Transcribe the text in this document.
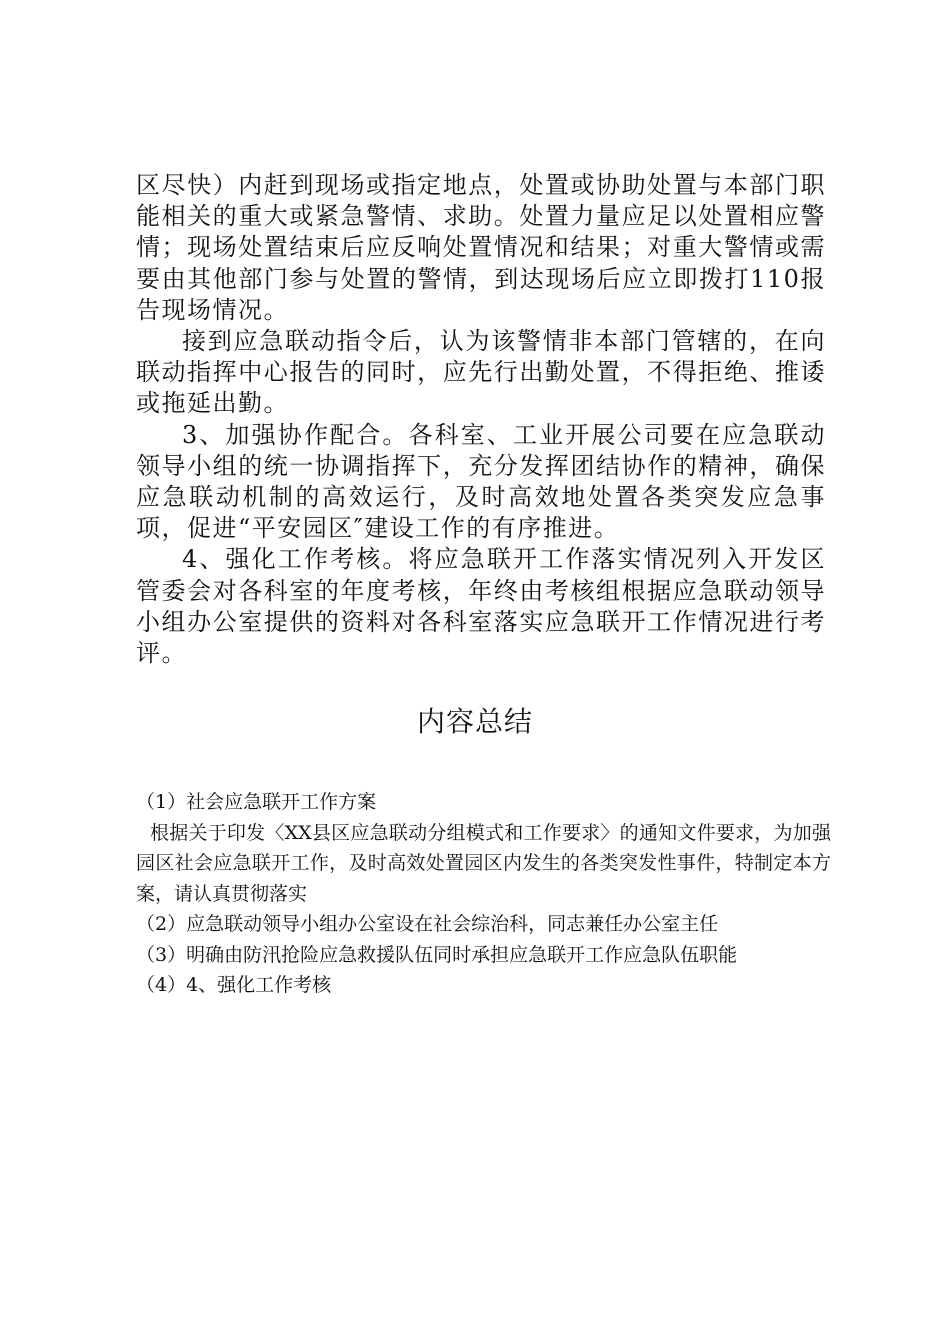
区尽快）内赶到现场或指定地点，处置或协助处置与本部门职能相关的重大或紧急警情、求助。处置力量应足以处置相应警情；现场处置结束后应反响处置情况和结果；对重大警情或需要由其他部门参与处置的警情，到达现场后应立即拨打110报告现场情况。

接到应急联动指令后，认为该警情非本部门管辖的，在向联动指挥中心报告的同时，应先行出勤处置，不得拒绝、推诿或拖延出勤。

3、加强协作配合。各科室、工业开展公司要在应急联动领导小组的统一协调指挥下，充分发挥团结协作的精神，确保应急联动机制的高效运行，及时高效地处置各类突发应急事项，促进“平安园区″建设工作的有序推进。

4、强化工作考核。将应急联开工作落实情况列入开发区管委会对各科室的年度考核，年终由考核组根据应急联动领导小组办公室提供的资料对各科室落实应急联开工作情况进行考评。

内容总结

（1）社会应急联开工作方案

根据关于印发〈XX县区应急联动分组模式和工作要求〉的通知文件要求，为加强园区社会应急联开工作，及时高效处置园区内发生的各类突发性事件，特制定本方案，请认真贯彻落实

（2）应急联动领导小组办公室设在社会综治科，同志兼任办公室主任

（3）明确由防汛抢险应急救援队伍同时承担应急联开工作应急队伍职能

（4）4、强化工作考核
